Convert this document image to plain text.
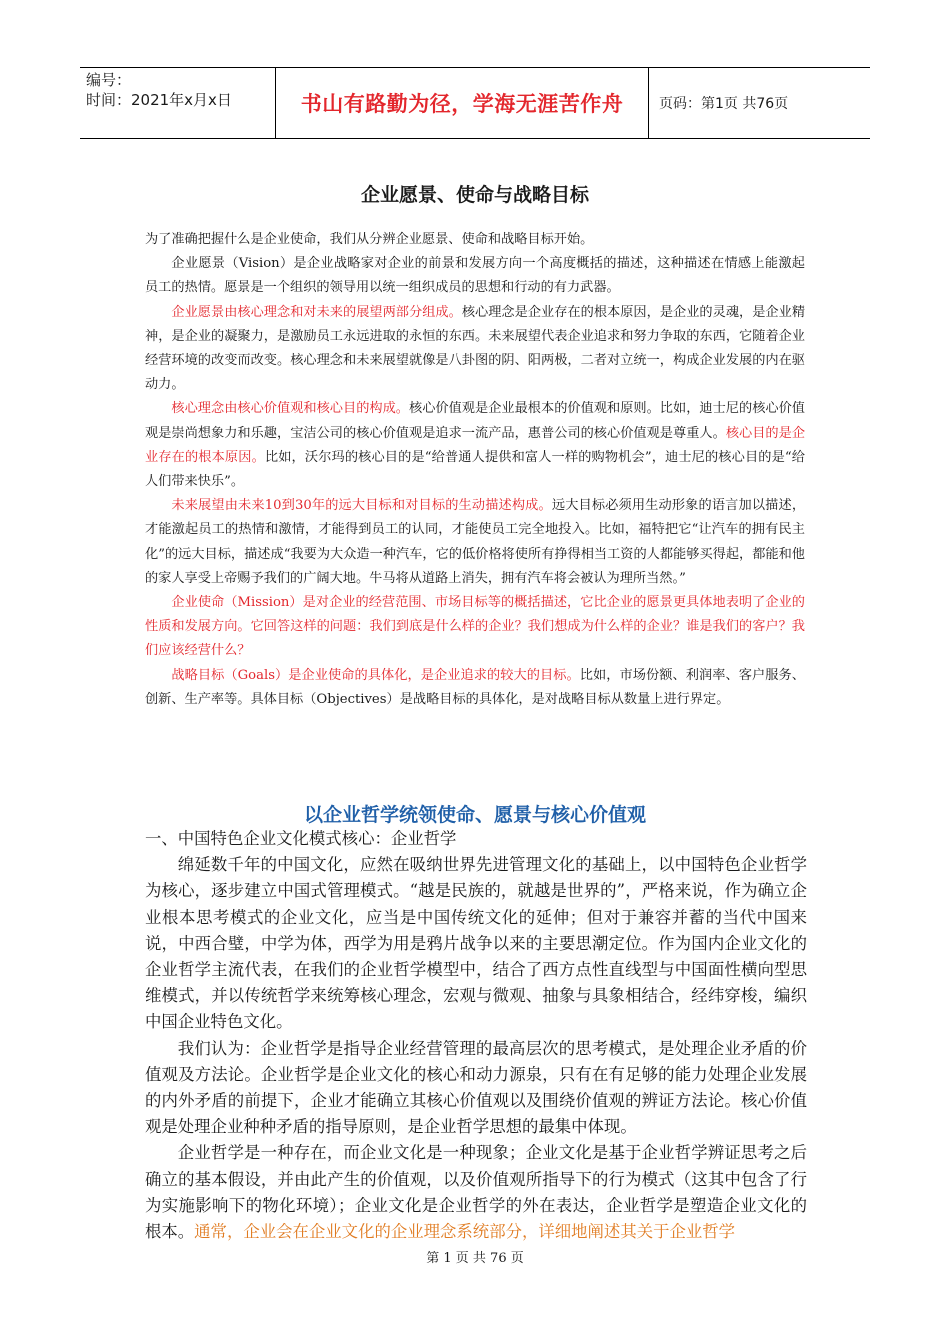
编号：
时间：2021年x月x日	书山有路勤为径，学海无涯苦作舟	页码：第1页 共76页
企业愿景、使命与战略目标

为了准确把握什么是企业使命，我们从分辨企业愿景、使命和战略目标开始。

企业愿景（Vision）是企业战略家对企业的前景和发展方向一个高度概括的描述，这种描述在情感上能激起员工的热情。愿景是一个组织的领导用以统一组织成员的思想和行动的有力武器。

企业愿景由核心理念和对未来的展望两部分组成。核心理念是企业存在的根本原因，是企业的灵魂，是企业精神，是企业的凝聚力，是激励员工永远进取的永恒的东西。未来展望代表企业追求和努力争取的东西，它随着企业经营环境的改变而改变。核心理念和未来展望就像是八卦图的阴、阳两极，二者对立统一，构成企业发展的内在驱动力。

核心理念由核心价值观和核心目的构成。核心价值观是企业最根本的价值观和原则。比如，迪士尼的核心价值观是崇尚想象力和乐趣，宝洁公司的核心价值观是追求一流产品，惠普公司的核心价值观是尊重人。核心目的是企业存在的根本原因。比如，沃尔玛的核心目的是“给普通人提供和富人一样的购物机会”，迪士尼的核心目的是“给人们带来快乐”。

未来展望由未来10到30年的远大目标和对目标的生动描述构成。远大目标必须用生动形象的语言加以描述，才能激起员工的热情和激情，才能得到员工的认同，才能使员工完全地投入。比如，福特把它“让汽车的拥有民主化”的远大目标，描述成“我要为大众造一种汽车，它的低价格将使所有挣得相当工资的人都能够买得起，都能和他的家人享受上帝赐予我们的广阔大地。牛马将从道路上消失，拥有汽车将会被认为理所当然。”

企业使命（Mission）是对企业的经营范围、市场目标等的概括描述，它比企业的愿景更具体地表明了企业的性质和发展方向。它回答这样的问题：我们到底是什么样的企业？我们想成为什么样的企业？谁是我们的客户？我们应该经营什么？

战略目标（Goals）是企业使命的具体化，是企业追求的较大的目标。比如，市场份额、利润率、客户服务、创新、生产率等。具体目标（Objectives）是战略目标的具体化，是对战略目标从数量上进行界定。

以企业哲学统领使命、愿景与核心价值观

一、中国特色企业文化模式核心：企业哲学

绵延数千年的中国文化，应然在吸纳世界先进管理文化的基础上，以中国特色企业哲学为核心，逐步建立中国式管理模式。“越是民族的，就越是世界的”，严格来说，作为确立企业根本思考模式的企业文化，应当是中国传统文化的延伸；但对于兼容并蓄的当代中国来说，中西合璧，中学为体，西学为用是鸦片战争以来的主要思潮定位。作为国内企业文化的企业哲学主流代表，在我们的企业哲学模型中，结合了西方点性直线型与中国面性横向型思维模式，并以传统哲学来统筹核心理念，宏观与微观、抽象与具象相结合，经纬穿梭，编织中国企业特色文化。

我们认为：企业哲学是指导企业经营管理的最高层次的思考模式，是处理企业矛盾的价值观及方法论。企业哲学是企业文化的核心和动力源泉，只有在有足够的能力处理企业发展的内外矛盾的前提下，企业才能确立其核心价值观以及围绕价值观的辨证方法论。核心价值观是处理企业种种矛盾的指导原则，是企业哲学思想的最集中体现。

企业哲学是一种存在，而企业文化是一种现象；企业文化是基于企业哲学辨证思考之后确立的基本假设，并由此产生的价值观，以及价值观所指导下的行为模式（这其中包含了行为实施影响下的物化环境）；企业文化是企业哲学的外在表达，企业哲学是塑造企业文化的根本。通常，企业会在企业文化的企业理念系统部分，详细地阐述其关于企业哲学

第 1 页 共 76 页
